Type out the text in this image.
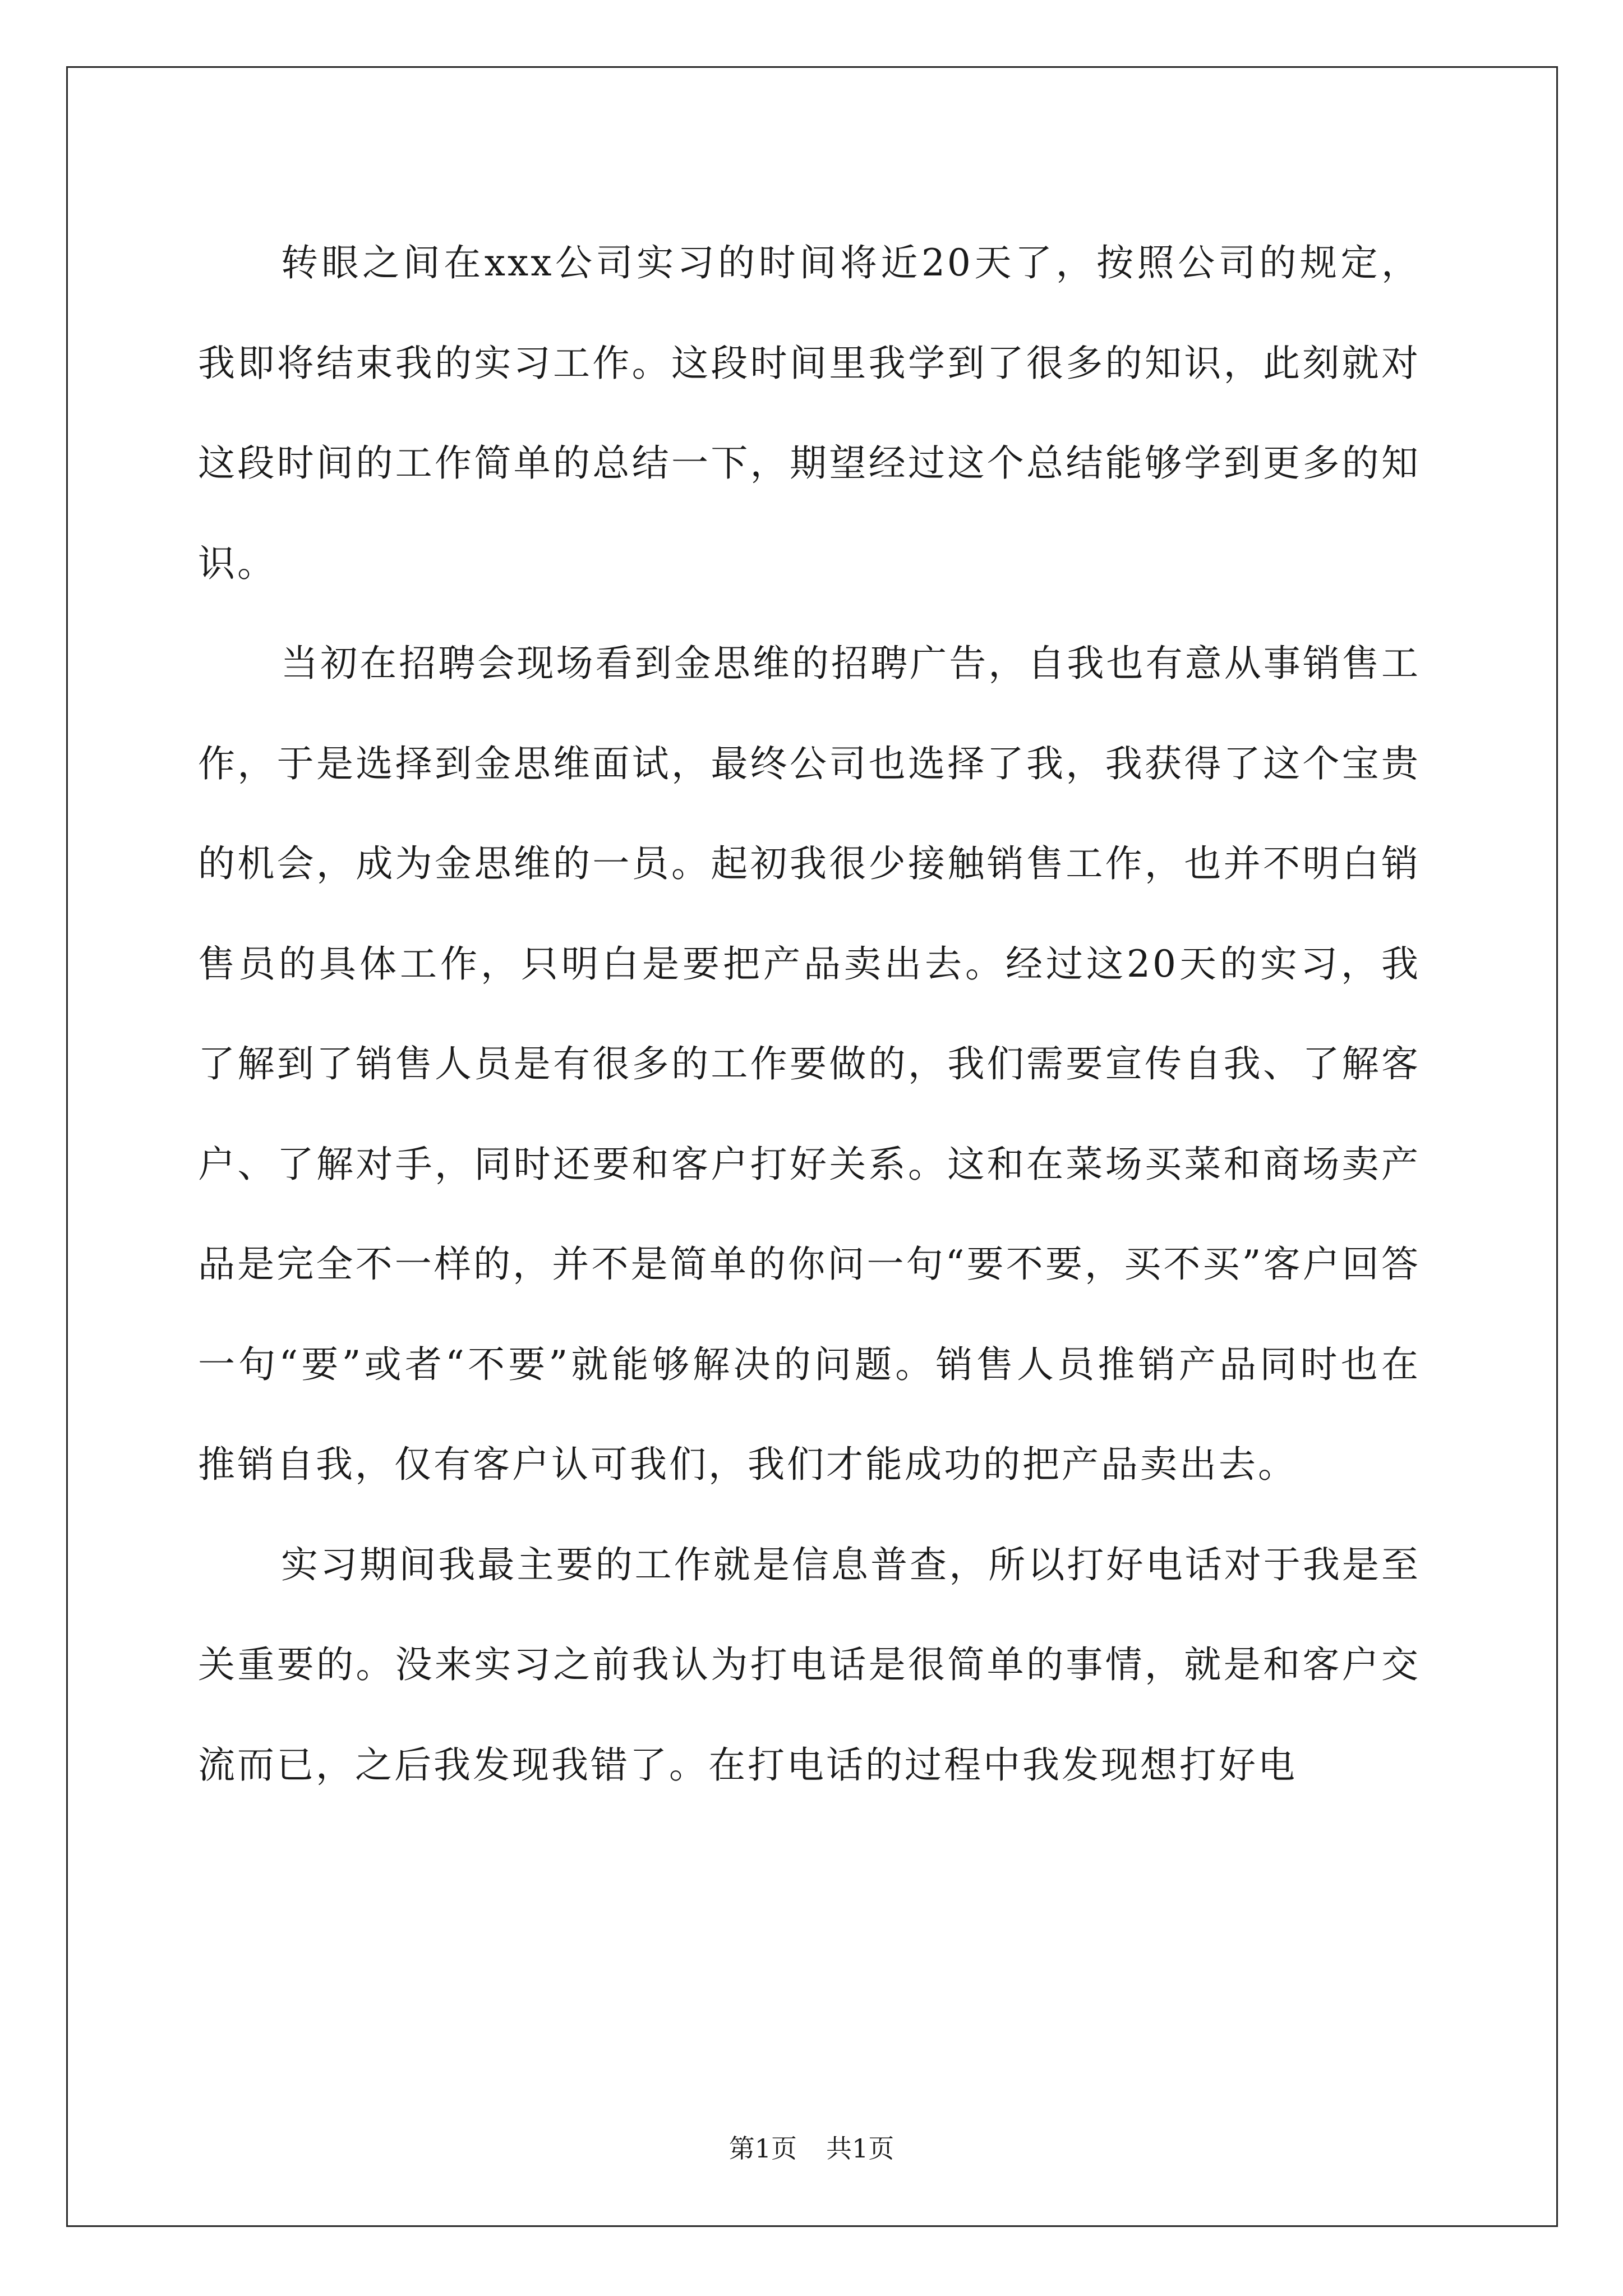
转眼之间在xxx公司实习的时间将近20天了，按照公司的规定，我即将结束我的实习工作。这段时间里我学到了很多的知识，此刻就对这段时间的工作简单的总结一下，期望经过这个总结能够学到更多的知识。

当初在招聘会现场看到金思维的招聘广告，自我也有意从事销售工作，于是选择到金思维面试，最终公司也选择了我，我获得了这个宝贵的机会，成为金思维的一员。起初我很少接触销售工作，也并不明白销售员的具体工作，只明白是要把产品卖出去。经过这20天的实习，我了解到了销售人员是有很多的工作要做的，我们需要宣传自我、了解客户、了解对手，同时还要和客户打好关系。这和在菜场买菜和商场卖产品是完全不一样的，并不是简单的你问一句“要不要，买不买”客户回答一句“要”或者“不要”就能够解决的问题。销售人员推销产品同时也在推销自我，仅有客户认可我们，我们才能成功的把产品卖出去。

实习期间我最主要的工作就是信息普查，所以打好电话对于我是至关重要的。没来实习之前我认为打电话是很简单的事情，就是和客户交流而已，之后我发现我错了。在打电话的过程中我发现想打好电

第1页 共1页
